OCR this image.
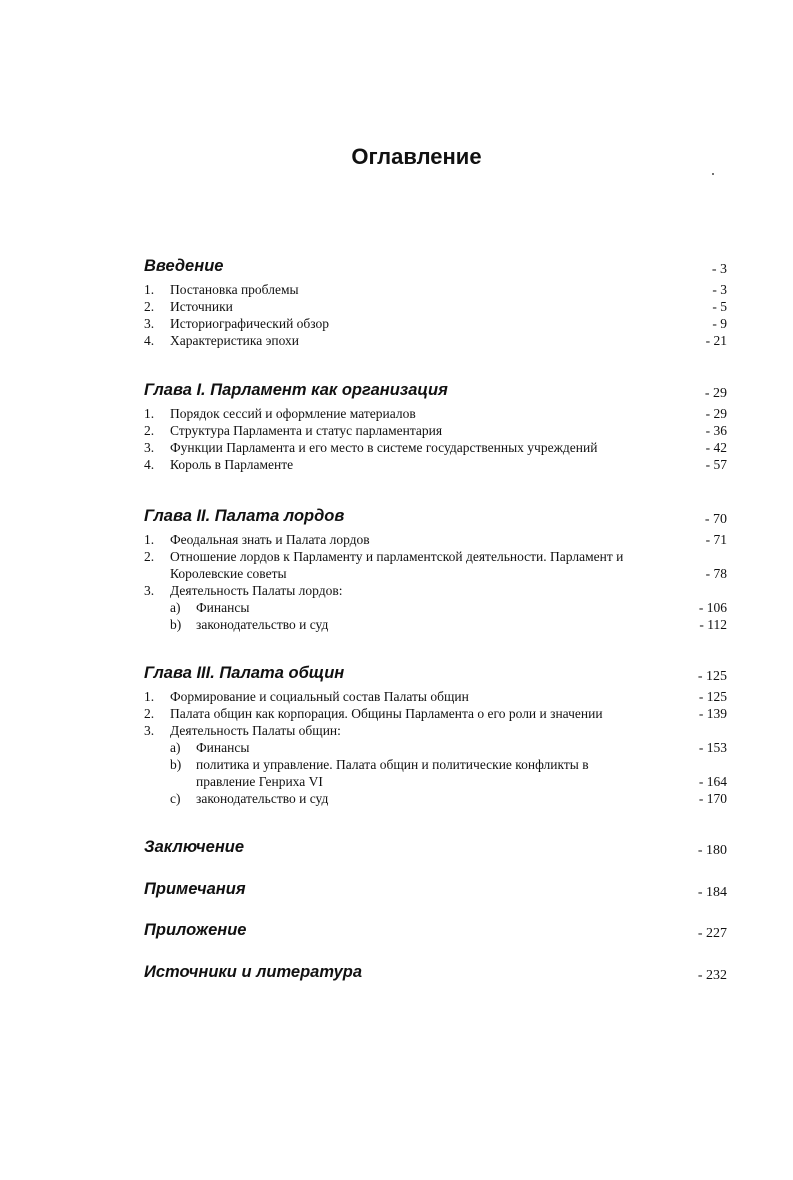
Оглавление
Введение	- 3
1. Постановка проблемы	- 3
2. Источники	- 5
3. Историографический обзор	- 9
4. Характеристика эпохи	- 21
Глава I. Парламент как организация	- 29
1. Порядок сессий и оформление материалов	- 29
2. Структура Парламента и статус парламентария	- 36
3. Функции Парламента и его место в системе государственных учреждений	- 42
4. Король в Парламенте	- 57
Глава II. Палата лордов	- 70
1. Феодальная знать и Палата лордов	- 71
2. Отношение лордов к Парламенту и парламентской деятельности. Парламент и Королевские советы	- 78
3. Деятельность Палаты лордов:
a) Финансы	- 106
b) законодательство и суд	- 112
Глава III. Палата общин	- 125
1. Формирование и социальный состав Палаты общин	- 125
2. Палата общин как корпорация. Общины Парламента о его роли и значении	- 139
3. Деятельность Палаты общин:
a) Финансы	- 153
b) политика и управление. Палата общин и политические конфликты в правление Генриха VI	- 164
c) законодательство и суд	- 170
Заключение	- 180
Примечания	- 184
Приложение	- 227
Источники и литература	- 232
